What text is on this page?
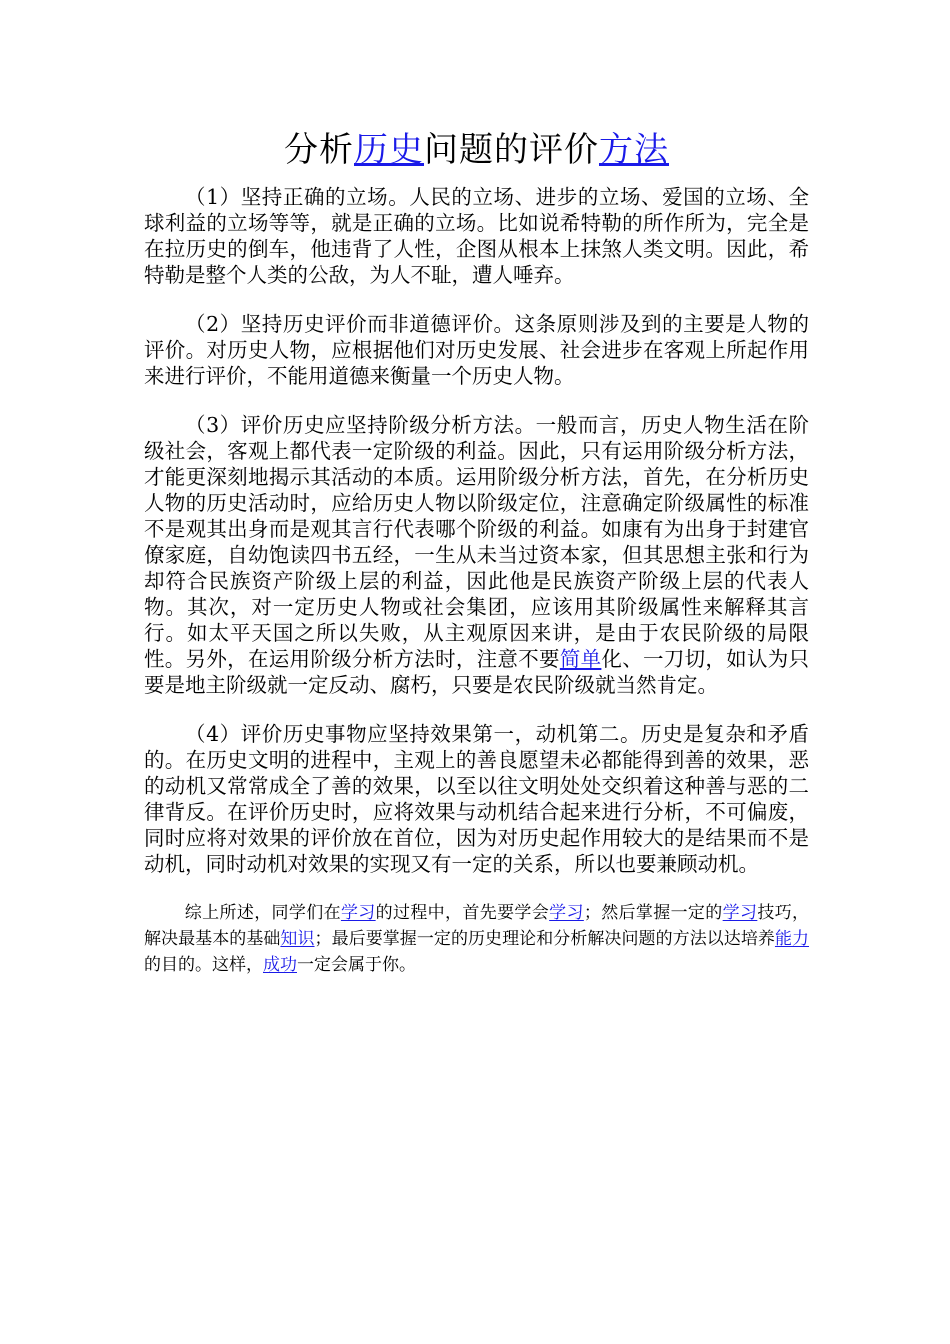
分析历史问题的评价方法

（1）坚持正确的立场。人民的立场、进步的立场、爱国的立场、全球利益的立场等等，就是正确的立场。比如说希特勒的所作所为，完全是在拉历史的倒车，他违背了人性，企图从根本上抹煞人类文明。因此，希特勒是整个人类的公敌，为人不耻，遭人唾弃。

（2）坚持历史评价而非道德评价。这条原则涉及到的主要是人物的评价。对历史人物，应根据他们对历史发展、社会进步在客观上所起作用来进行评价，不能用道德来衡量一个历史人物。

（3）评价历史应坚持阶级分析方法。一般而言，历史人物生活在阶级社会，客观上都代表一定阶级的利益。因此，只有运用阶级分析方法，才能更深刻地揭示其活动的本质。运用阶级分析方法，首先，在分析历史人物的历史活动时，应给历史人物以阶级定位，注意确定阶级属性的标准不是观其出身而是观其言行代表哪个阶级的利益。如康有为出身于封建官僚家庭，自幼饱读四书五经，一生从未当过资本家，但其思想主张和行为却符合民族资产阶级上层的利益，因此他是民族资产阶级上层的代表人物。其次，对一定历史人物或社会集团，应该用其阶级属性来解释其言行。如太平天国之所以失败，从主观原因来讲，是由于农民阶级的局限性。另外，在运用阶级分析方法时，注意不要简单化、一刀切，如认为只要是地主阶级就一定反动、腐朽，只要是农民阶级就当然肯定。

（4）评价历史事物应坚持效果第一，动机第二。历史是复杂和矛盾的。在历史文明的进程中，主观上的善良愿望未必都能得到善的效果，恶的动机又常常成全了善的效果，以至以往文明处处交织着这种善与恶的二律背反。在评价历史时，应将效果与动机结合起来进行分析，不可偏废，同时应将对效果的评价放在首位，因为对历史起作用较大的是结果而不是动机，同时动机对效果的实现又有一定的关系，所以也要兼顾动机。

综上所述，同学们在学习的过程中，首先要学会学习；然后掌握一定的学习技巧，解决最基本的基础知识；最后要掌握一定的历史理论和分析解决问题的方法以达培养能力的目的。这样，成功一定会属于你。
